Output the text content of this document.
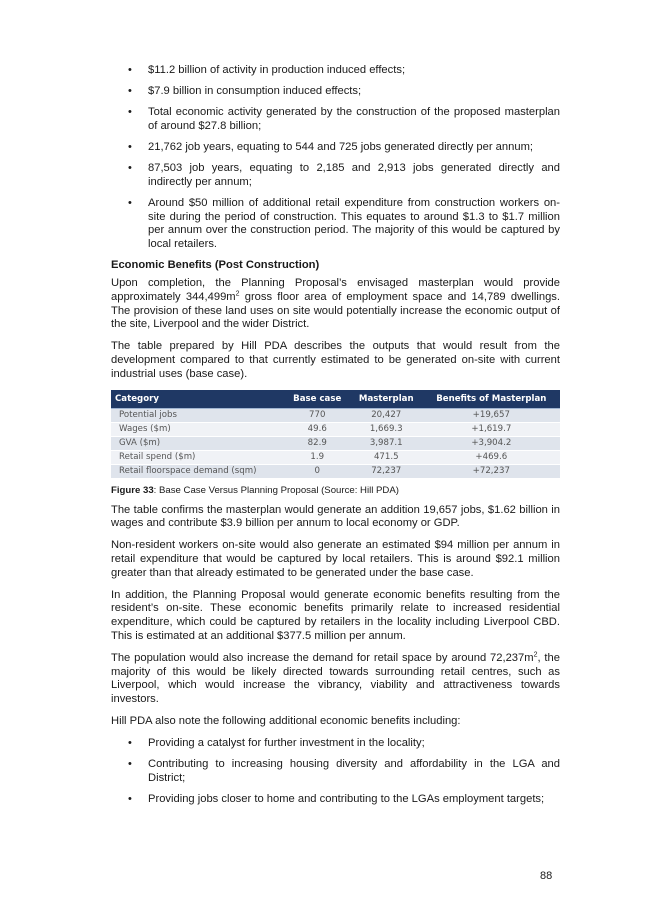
• $11.2 billion of activity in production induced effects;
• $7.9 billion in consumption induced effects;
• Total economic activity generated by the construction of the proposed masterplan of around $27.8 billion;
• 21,762 job years, equating to 544 and 725 jobs generated directly per annum;
• 87,503 job years, equating to 2,185 and 2,913 jobs generated directly and indirectly per annum;
• Around $50 million of additional retail expenditure from construction workers on-site during the period of construction. This equates to around $1.3 to $1.7 million per annum over the construction period. The majority of this would be captured by local retailers.
Economic Benefits (Post Construction)

Upon completion, the Planning Proposal’s envisaged masterplan would provide approximately $344,499m^2$ gross floor area of employment space and 14,789 dwellings. The provision of these land uses on site would potentially increase the economic output of the site, Liverpool and the wider District.

The table prepared by Hill PDA describes the outputs that would result from the development compared to that currently estimated to be generated on-site with current industrial uses (base case).

Category	Base case	Masterplan	Benefits of Masterplan
Potential jobs	770	20,427	+19,657
Wages ($m)	49.6	1,669.3	+1,619.7
GVA ($m)	82.9	3,987.1	+3,904.2
Retail spend ($m)	1.9	471.5	+469.6
Retail floorspace demand (sqm)	0	72,237	+72,237
Figure 33: Base Case Versus Planning Proposal (Source: Hill PDA)

The table confirms the masterplan would generate an addition 19,657 jobs, $1.62 billion in wages and contribute $3.9 billion per annum to local economy or GDP.

Non-resident workers on-site would also generate an estimated $94 million per annum in retail expenditure that would be captured by local retailers. This is around $92.1 million greater than that already estimated to be generated under the base case.

In addition, the Planning Proposal would generate economic benefits resulting from the resident’s on-site. These economic benefits primarily relate to increased residential expenditure, which could be captured by retailers in the locality including Liverpool CBD. This is estimated at an additional $377.5 million per annum.

The population would also increase the demand for retail space by around $72,237m^2$, the majority of this would be likely directed towards surrounding retail centres, such as Liverpool, which would increase the vibrancy, viability and attractiveness towards investors.

Hill PDA also note the following additional economic benefits including:

• Providing a catalyst for further investment in the locality;
• Contributing to increasing housing diversity and affordability in the LGA and District;
• Providing jobs closer to home and contributing to the LGAs employment targets;
88
